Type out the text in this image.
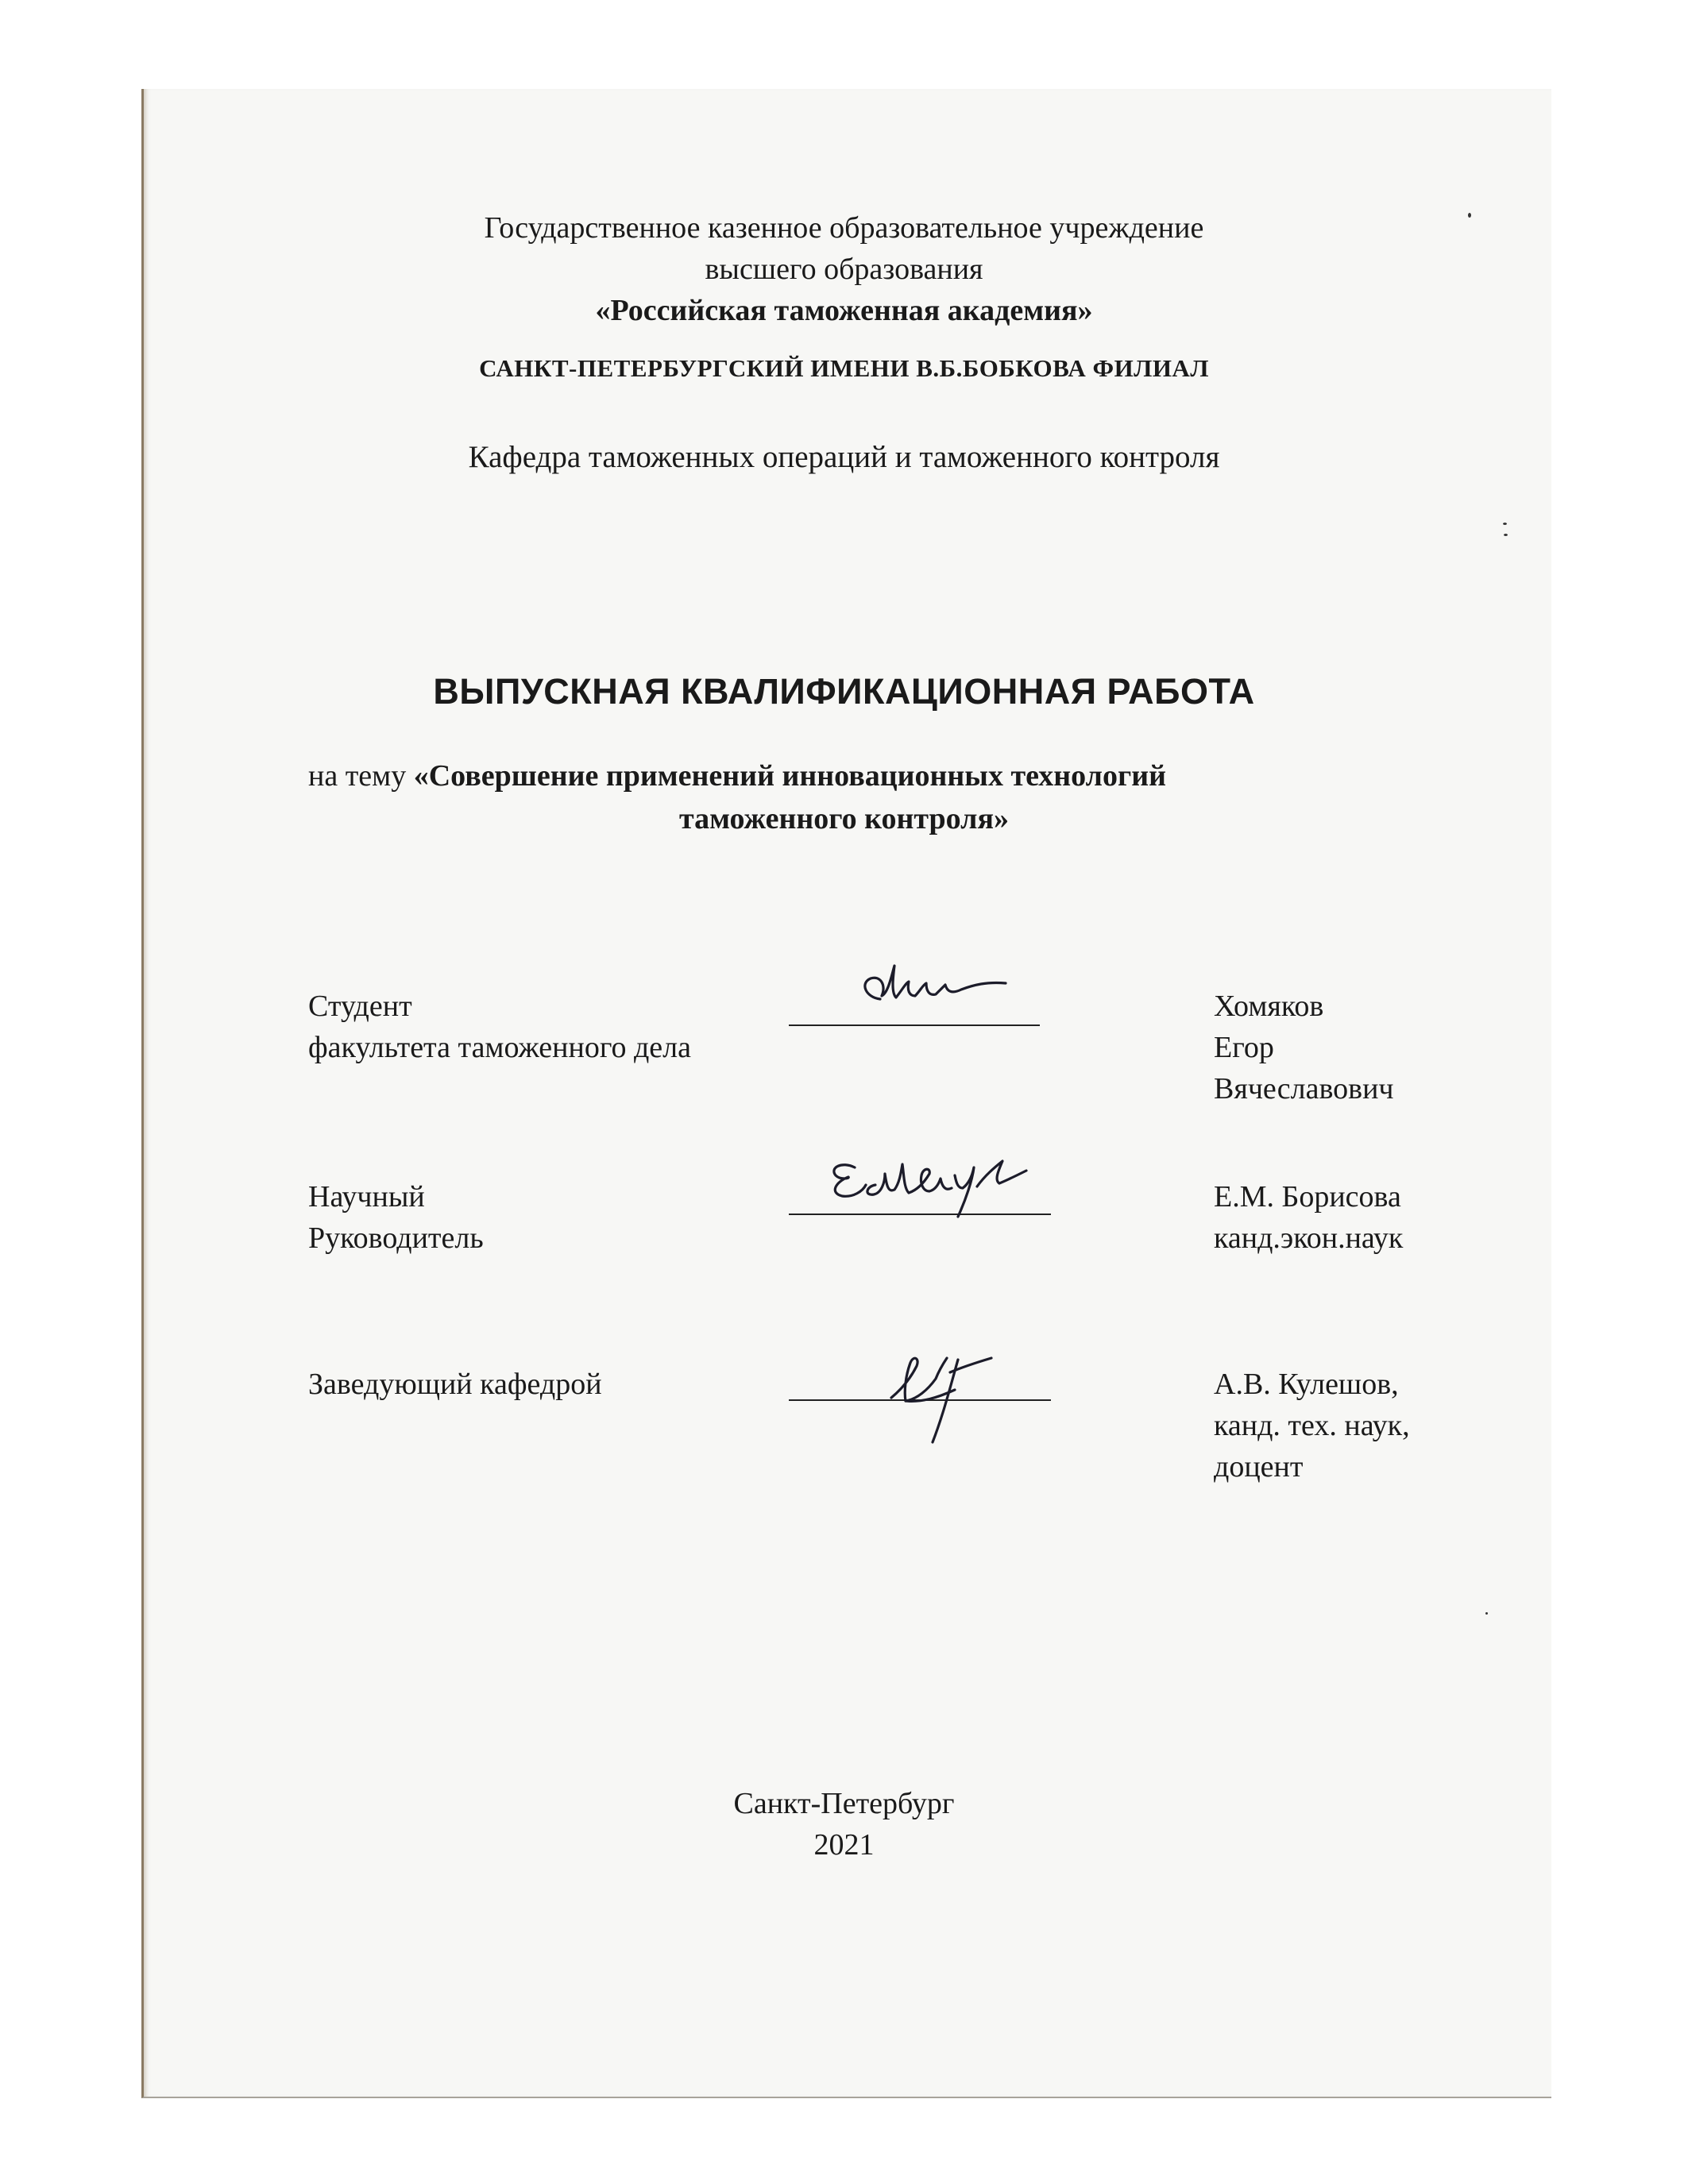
Государственное казенное образовательное учреждение
высшего образования
«Российская таможенная академия»
САНКТ-ПЕТЕРБУРГСКИЙ ИМЕНИ В.Б.БОБКОВА ФИЛИАЛ
Кафедра таможенных операций и таможенного контроля
ВЫПУСКНАЯ КВАЛИФИКАЦИОННАЯ РАБОТА
на тему «Совершение применений инновационных технологий
таможенного контроля»
Студент
факультета таможенного дела
Хомяков
Егор
Вячеславович
Научный
Руководитель
Е.М. Борисова
канд.экон.наук
Заведующий кафедрой	А.В. Кулешов,
канд. тех. наук,
доцент
Санкт-Петербург
2021
